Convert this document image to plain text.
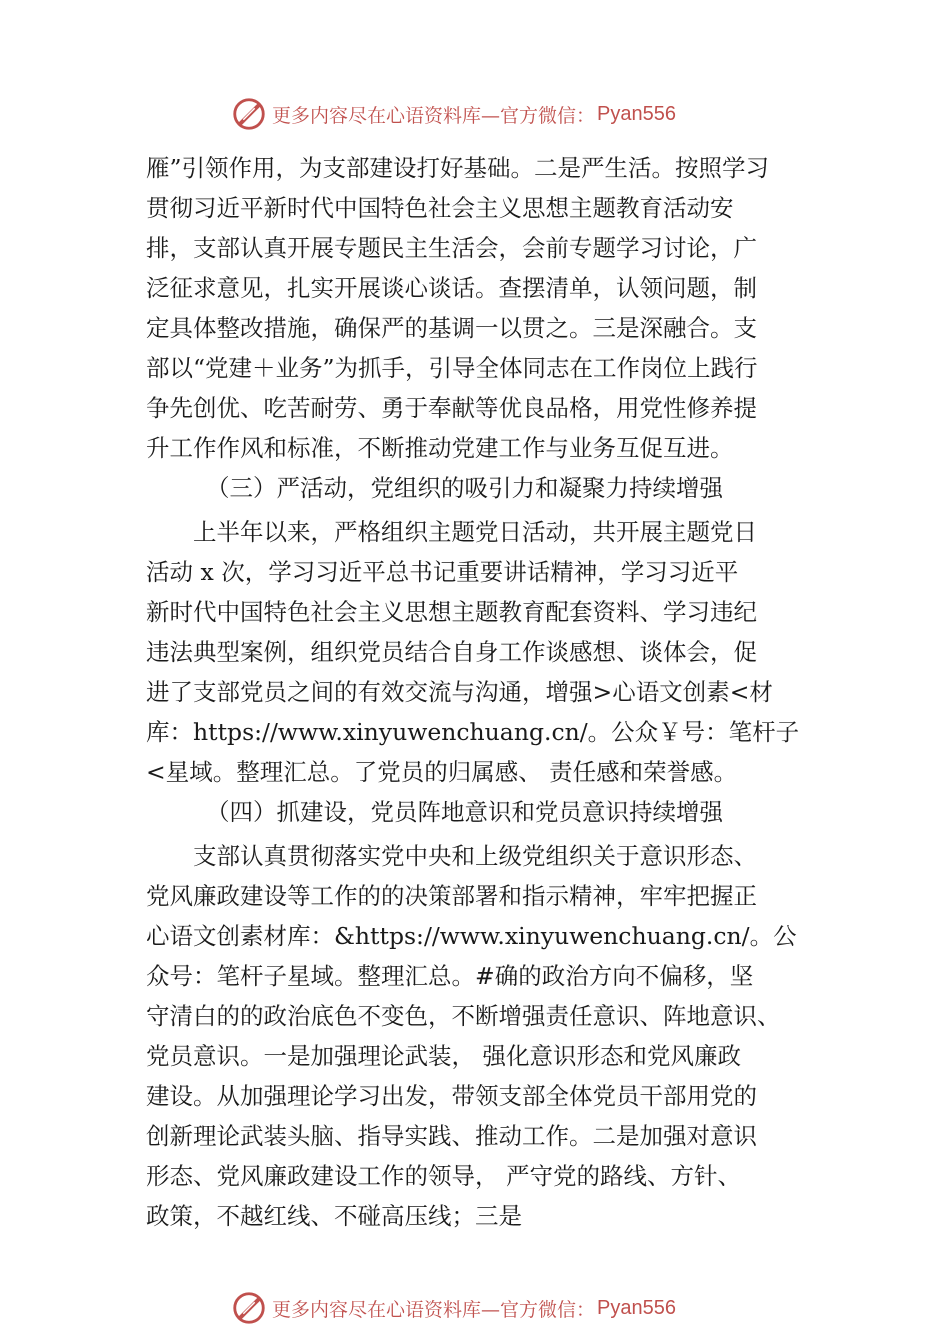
更多内容尽在心语资料库—官方微信： Pyan556
雁”引领作用，为支部建设打好基础。二是严生活。按照学习
贯彻习近平新时代中国特色社会主义思想主题教育活动安
排，支部认真开展专题民主生活会，会前专题学习讨论，广
泛征求意见，扎实开展谈心谈话。查摆清单，认领问题，制
定具体整改措施，确保严的基调一以贯之。三是深融合。支
部以“党建＋业务”为抓手，引导全体同志在工作岗位上践行
争先创优、吃苦耐劳、勇于奉献等优良品格，用党性修养提
升工作作风和标准，不断推动党建工作与业务互促互进。
（三）严活动，党组织的吸引力和凝聚力持续增强
上半年以来，严格组织主题党日活动，共开展主题党日
活动 x 次，学习习近平总书记重要讲话精神，学习习近平
新时代中国特色社会主义思想主题教育配套资料、学习违纪
违法典型案例，组织党员结合自身工作谈感想、谈体会，促
进了支部党员之间的有效交流与沟通，增强>心语文创素<材
库：https://www.xinyuwenchuang.cn/。公众￥号：笔杆子
<星域。整理汇总。了党员的归属感、 责任感和荣誉感。
（四）抓建设，党员阵地意识和党员意识持续增强
支部认真贯彻落实党中央和上级党组织关于意识形态、
党风廉政建设等工作的的决策部署和指示精神，牢牢把握正
心语文创素材库：&https://www.xinyuwenchuang.cn/。公
众号：笔杆子星域。整理汇总。#确的政治方向不偏移，坚
守清白的的政治底色不变色，不断增强责任意识、阵地意识、
党员意识。一是加强理论武装， 强化意识形态和党风廉政
建设。从加强理论学习出发，带领支部全体党员干部用党的
创新理论武装头脑、指导实践、推动工作。二是加强对意识
形态、党风廉政建设工作的领导， 严守党的路线、方针、
政策，不越红线、不碰高压线；三是
更多内容尽在心语资料库—官方微信： Pyan556
